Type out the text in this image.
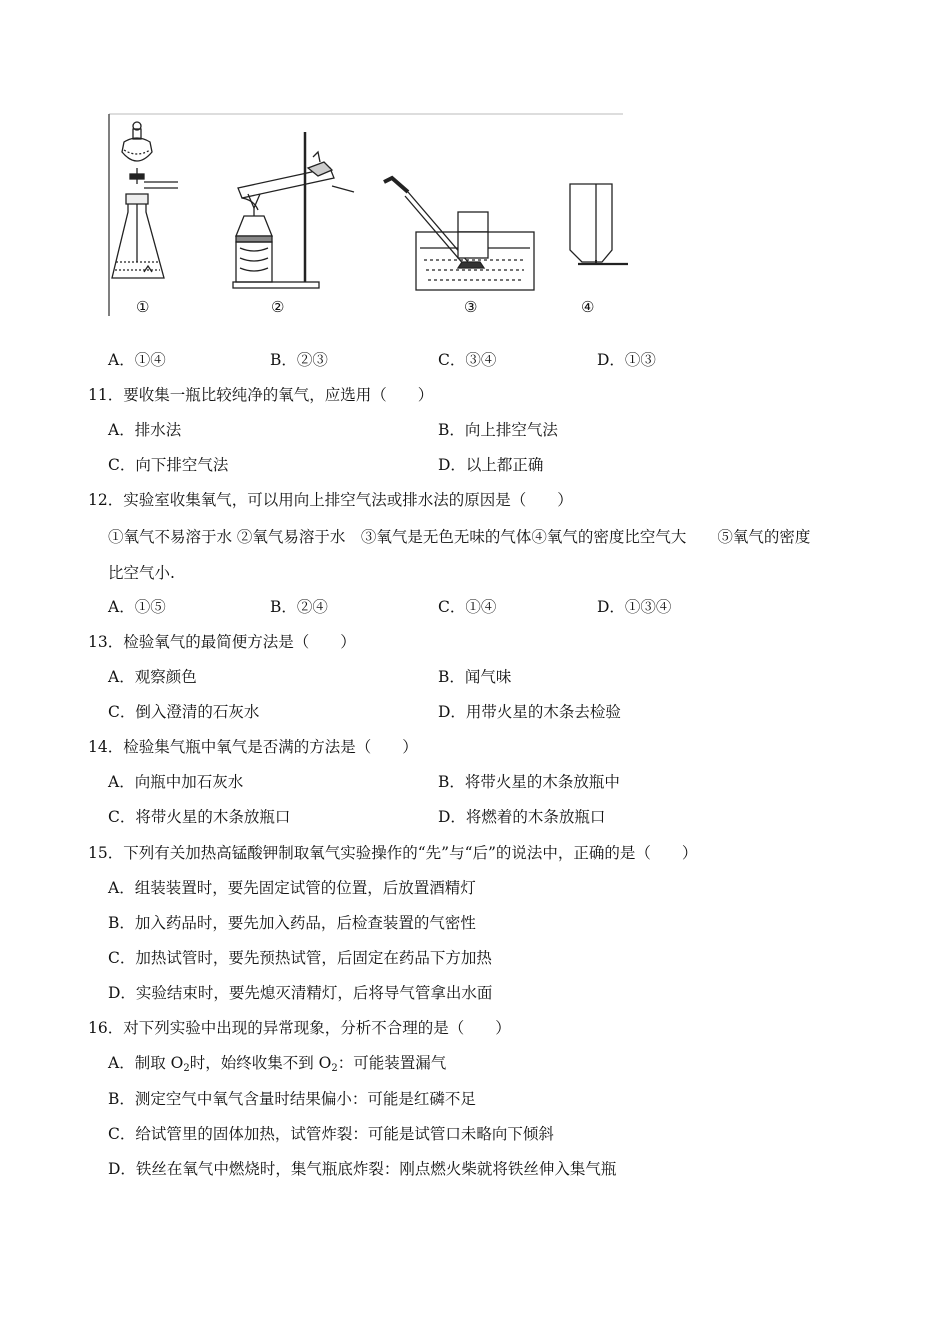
①	②	③	④
A．①④	B．②③	C．③④	D．①③
11．要收集一瓶比较纯净的氧气，应选用（　　）
A．排水法	B．向上排空气法
C．向下排空气法	D．以上都正确
12．实验室收集氧气，可以用向上排空气法或排水法的原因是（　　）
①氧气不易溶于水 ②氧气易溶于水　③氧气是无色无味的气体④氧气的密度比空气大　　⑤氧气的密度
比空气小.
A．①⑤	B．②④	C．①④	D．①③④
13．检验氧气的最简便方法是（　　）
A．观察颜色	B．闻气味
C．倒入澄清的石灰水	D．用带火星的木条去检验
14．检验集气瓶中氧气是否满的方法是（　　）
A．向瓶中加石灰水	B．将带火星的木条放瓶中
C．将带火星的木条放瓶口	D．将燃着的木条放瓶口
15．下列有关加热高锰酸钾制取氧气实验操作的“先”与“后”的说法中，正确的是（　　）
A．组装装置时，要先固定试管的位置，后放置酒精灯
B．加入药品时，要先加入药品，后检查装置的气密性
C．加热试管时，要先预热试管，后固定在药品下方加热
D．实验结束时，要先熄灭清精灯，后将导气管拿出水面
16．对下列实验中出现的异常现象，分析不合理的是（　　）
A．制取 $O_2$时，始终收集不到 $O_2$：可能装置漏气
B．测定空气中氧气含量时结果偏小：可能是红磷不足
C．给试管里的固体加热，试管炸裂：可能是试管口未略向下倾斜
D．铁丝在氧气中燃烧时，集气瓶底炸裂：刚点燃火柴就将铁丝伸入集气瓶
